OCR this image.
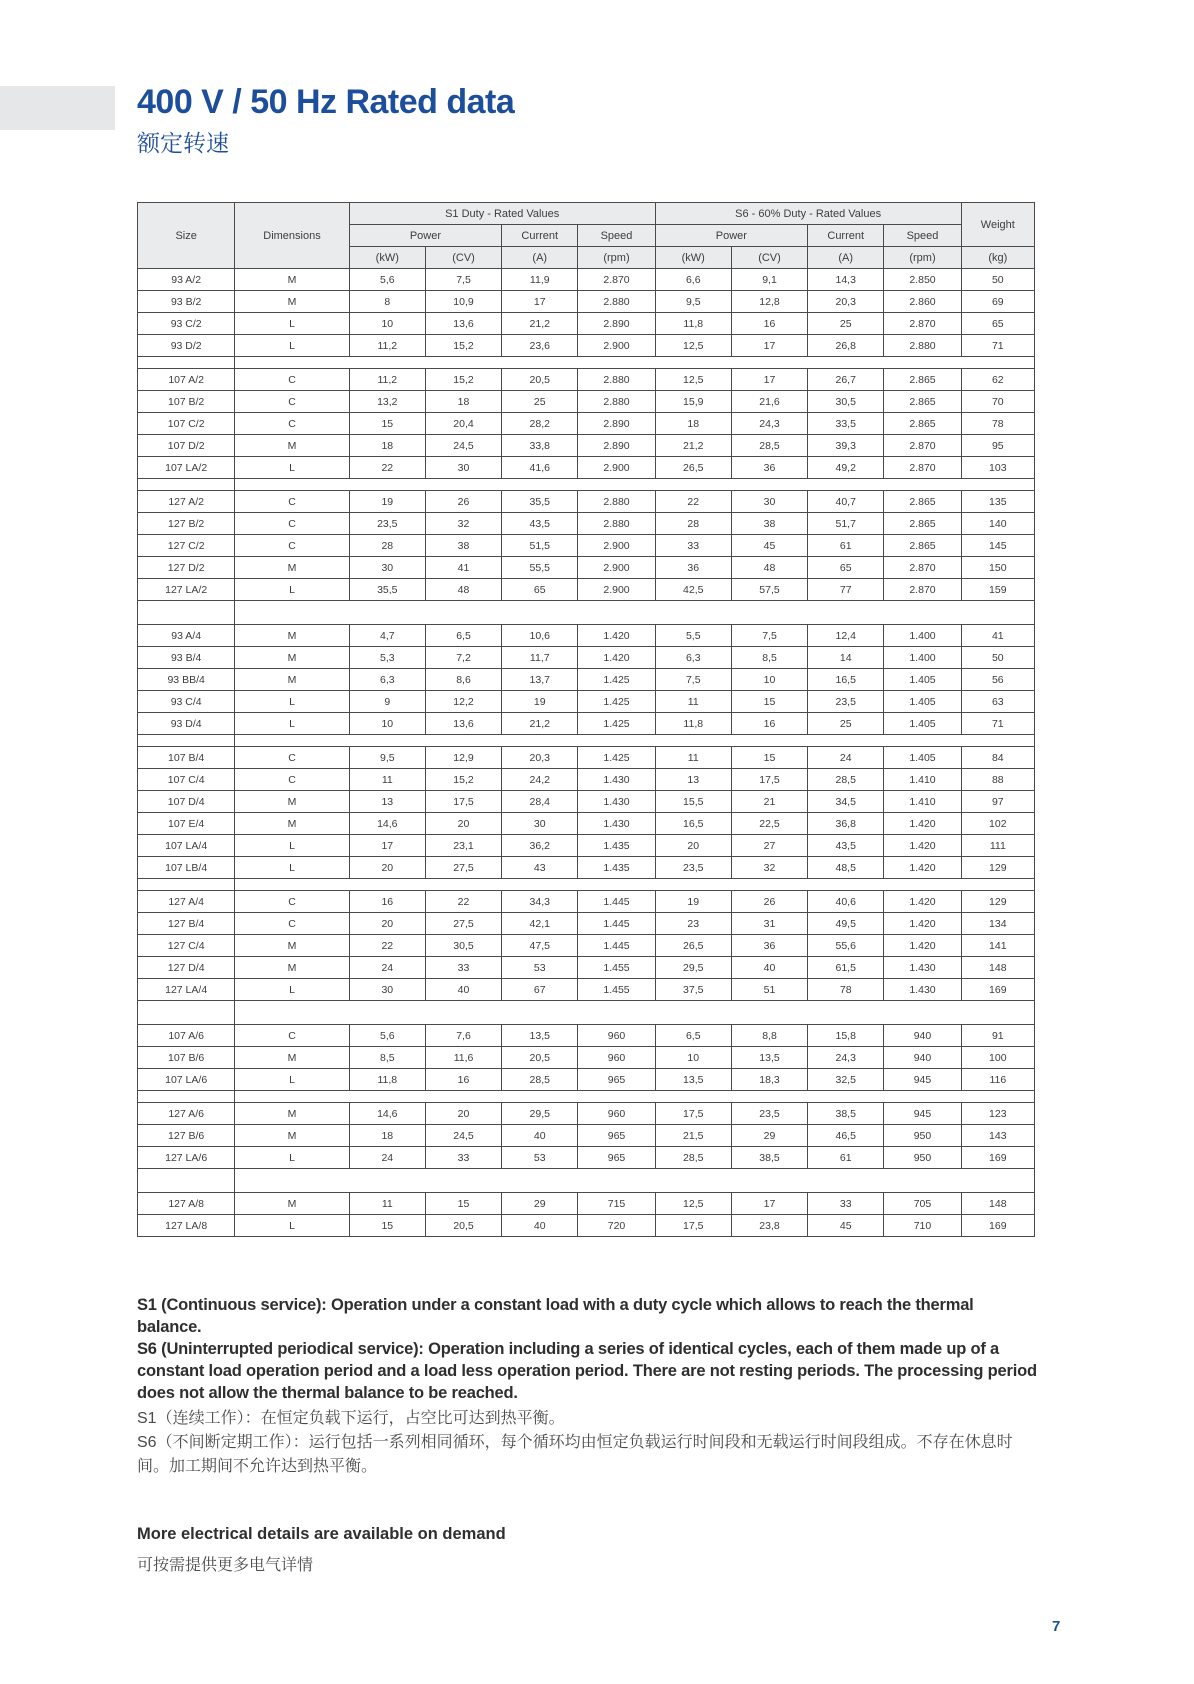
400 V / 50 Hz Rated data
额定转速
Size	Dimensions	S1 Duty - Rated Values				S6 - 60% Duty - Rated Values				Weight
		Power		Current	Speed	Power		Current	Speed	
		(kW)	(CV)	(A)	(rpm)	(kW)	(CV)	(A)	(rpm)	(kg)
93 A/2	M	5,6	7,5	11,9	2.870	6,6	9,1	14,3	2.850	50
93 B/2	M	8	10,9	17	2.880	9,5	12,8	20,3	2.860	69
93 C/2	L	10	13,6	21,2	2.890	11,8	16	25	2.870	65
93 D/2	L	11,2	15,2	23,6	2.900	12,5	17	26,8	2.880	71

107 A/2	C	11,2	15,2	20,5	2.880	12,5	17	26,7	2.865	62
107 B/2	C	13,2	18	25	2.880	15,9	21,6	30,5	2.865	70
107 C/2	C	15	20,4	28,2	2.890	18	24,3	33,5	2.865	78
107 D/2	M	18	24,5	33,8	2.890	21,2	28,5	39,3	2.870	95
107 LA/2	L	22	30	41,6	2.900	26,5	36	49,2	2.870	103

127 A/2	C	19	26	35,5	2.880	22	30	40,7	2.865	135
127 B/2	C	23,5	32	43,5	2.880	28	38	51,7	2.865	140
127 C/2	C	28	38	51,5	2.900	33	45	61	2.865	145
127 D/2	M	30	41	55,5	2.900	36	48	65	2.870	150
127 LA/2	L	35,5	48	65	2.900	42,5	57,5	77	2.870	159

93 A/4	M	4,7	6,5	10,6	1.420	5,5	7,5	12,4	1.400	41
93 B/4	M	5,3	7,2	11,7	1.420	6,3	8,5	14	1.400	50
93 BB/4	M	6,3	8,6	13,7	1.425	7,5	10	16,5	1.405	56
93 C/4	L	9	12,2	19	1.425	11	15	23,5	1.405	63
93 D/4	L	10	13,6	21,2	1.425	11,8	16	25	1.405	71

107 B/4	C	9,5	12,9	20,3	1.425	11	15	24	1.405	84
107 C/4	C	11	15,2	24,2	1.430	13	17,5	28,5	1.410	88
107 D/4	M	13	17,5	28,4	1.430	15,5	21	34,5	1.410	97
107 E/4	M	14,6	20	30	1.430	16,5	22,5	36,8	1.420	102
107 LA/4	L	17	23,1	36,2	1.435	20	27	43,5	1.420	111
107 LB/4	L	20	27,5	43	1.435	23,5	32	48,5	1.420	129

127 A/4	C	16	22	34,3	1.445	19	26	40,6	1.420	129
127 B/4	C	20	27,5	42,1	1.445	23	31	49,5	1.420	134
127 C/4	M	22	30,5	47,5	1.445	26,5	36	55,6	1.420	141
127 D/4	M	24	33	53	1.455	29,5	40	61,5	1.430	148
127 LA/4	L	30	40	67	1.455	37,5	51	78	1.430	169

107 A/6	C	5,6	7,6	13,5	960	6,5	8,8	15,8	940	91
107 B/6	M	8,5	11,6	20,5	960	10	13,5	24,3	940	100
107 LA/6	L	11,8	16	28,5	965	13,5	18,3	32,5	945	116

127 A/6	M	14,6	20	29,5	960	17,5	23,5	38,5	945	123
127 B/6	M	18	24,5	40	965	21,5	29	46,5	950	143
127 LA/6	L	24	33	53	965	28,5	38,5	61	950	169

127 A/8	M	11	15	29	715	12,5	17	33	705	148
127 LA/8	L	15	20,5	40	720	17,5	23,8	45	710	169

S1 (Continuous service): Operation under a constant load with a duty cycle which allows to reach the thermal balance.

S6 (Uninterrupted periodical service): Operation including a series of identical cycles, each of them made up of a constant load operation period and a load less operation period. There are not resting periods. The processing period does not allow the thermal balance to be reached.

S1（连续工作）：在恒定负载下运行，占空比可达到热平衡。

S6（不间断定期工作）：运行包括一系列相同循环，每个循环均由恒定负载运行时间段和无载运行时间段组成。不存在休息时间。加工期间不允许达到热平衡。

More electrical details are available on demand

可按需提供更多电气详情

7
